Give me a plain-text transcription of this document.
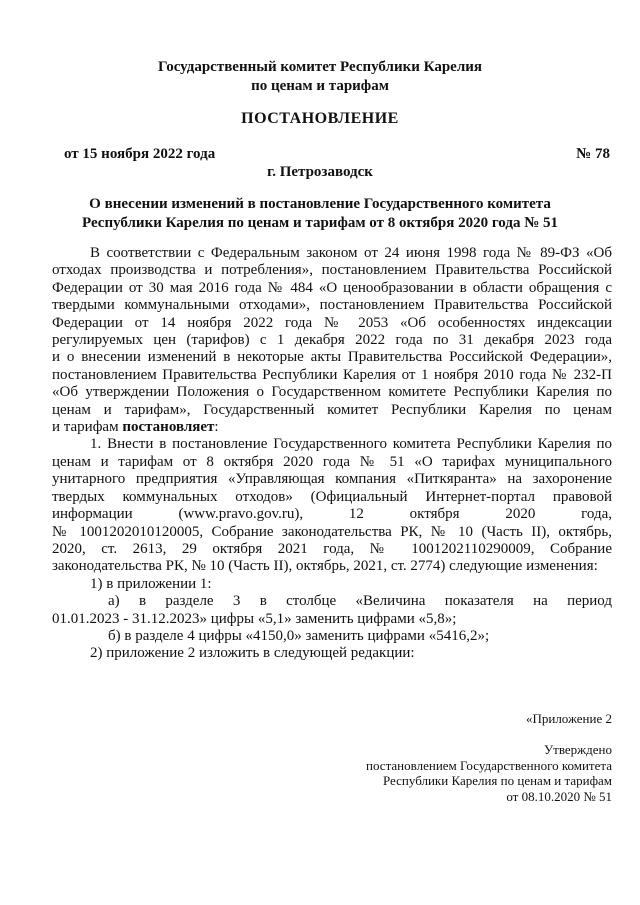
Государственный комитет Республики Карелия
по ценам и тарифам
ПОСТАНОВЛЕНИЕ
от 15 ноября 2022 года	№ 78
г. Петрозаводск
О внесении изменений в постановление Государственного комитета
Республики Карелия по ценам и тарифам от 8 октября 2020 года № 51
В соответствии с Федеральным законом от 24 июня 1998 года № 89-ФЗ «Об
отходах производства и потребления», постановлением Правительства Российской
Федерации от 30 мая 2016 года № 484 «О ценообразовании в области обращения с
твердыми коммунальными отходами», постановлением Правительства Российской
Федерации от 14 ноября 2022 года № 2053 «Об особенностях индексации
регулируемых цен (тарифов) с 1 декабря 2022 года по 31 декабря 2023 года
и о внесении изменений в некоторые акты Правительства Российской Федерации»,
постановлением Правительства Республики Карелия от 1 ноября 2010 года № 232-П
«Об утверждении Положения о Государственном комитете Республики Карелия по
ценам и тарифам», Государственный комитет Республики Карелия по ценам
и тарифам постановляет:
1. Внести в постановление Государственного комитета Республики Карелия по
ценам и тарифам от 8 октября 2020 года № 51 «О тарифах муниципального
унитарного предприятия «Управляющая компания «Питкяранта» на захоронение
твердых коммунальных отходов» (Официальный Интернет-портал правовой
информации (www.pravo.gov.ru), 12 октября 2020 года,
№ 1001202010120005, Собрание законодательства РК, № 10 (Часть II), октябрь,
2020, ст. 2613, 29 октября 2021 года, № 1001202110290009, Собрание
законодательства РК, № 10 (Часть II), октябрь, 2021, ст. 2774) следующие изменения:
1) в приложении 1:
а) в разделе 3 в столбце «Величина показателя на период
01.01.2023 - 31.12.2023» цифры «5,1» заменить цифрами «5,8»;
б) в разделе 4 цифры «4150,0» заменить цифрами «5416,2»;
2) приложение 2 изложить в следующей редакции:
«Приложение 2
Утверждено
постановлением Государственного комитета
Республики Карелия по ценам и тарифам
от 08.10.2020 № 51
